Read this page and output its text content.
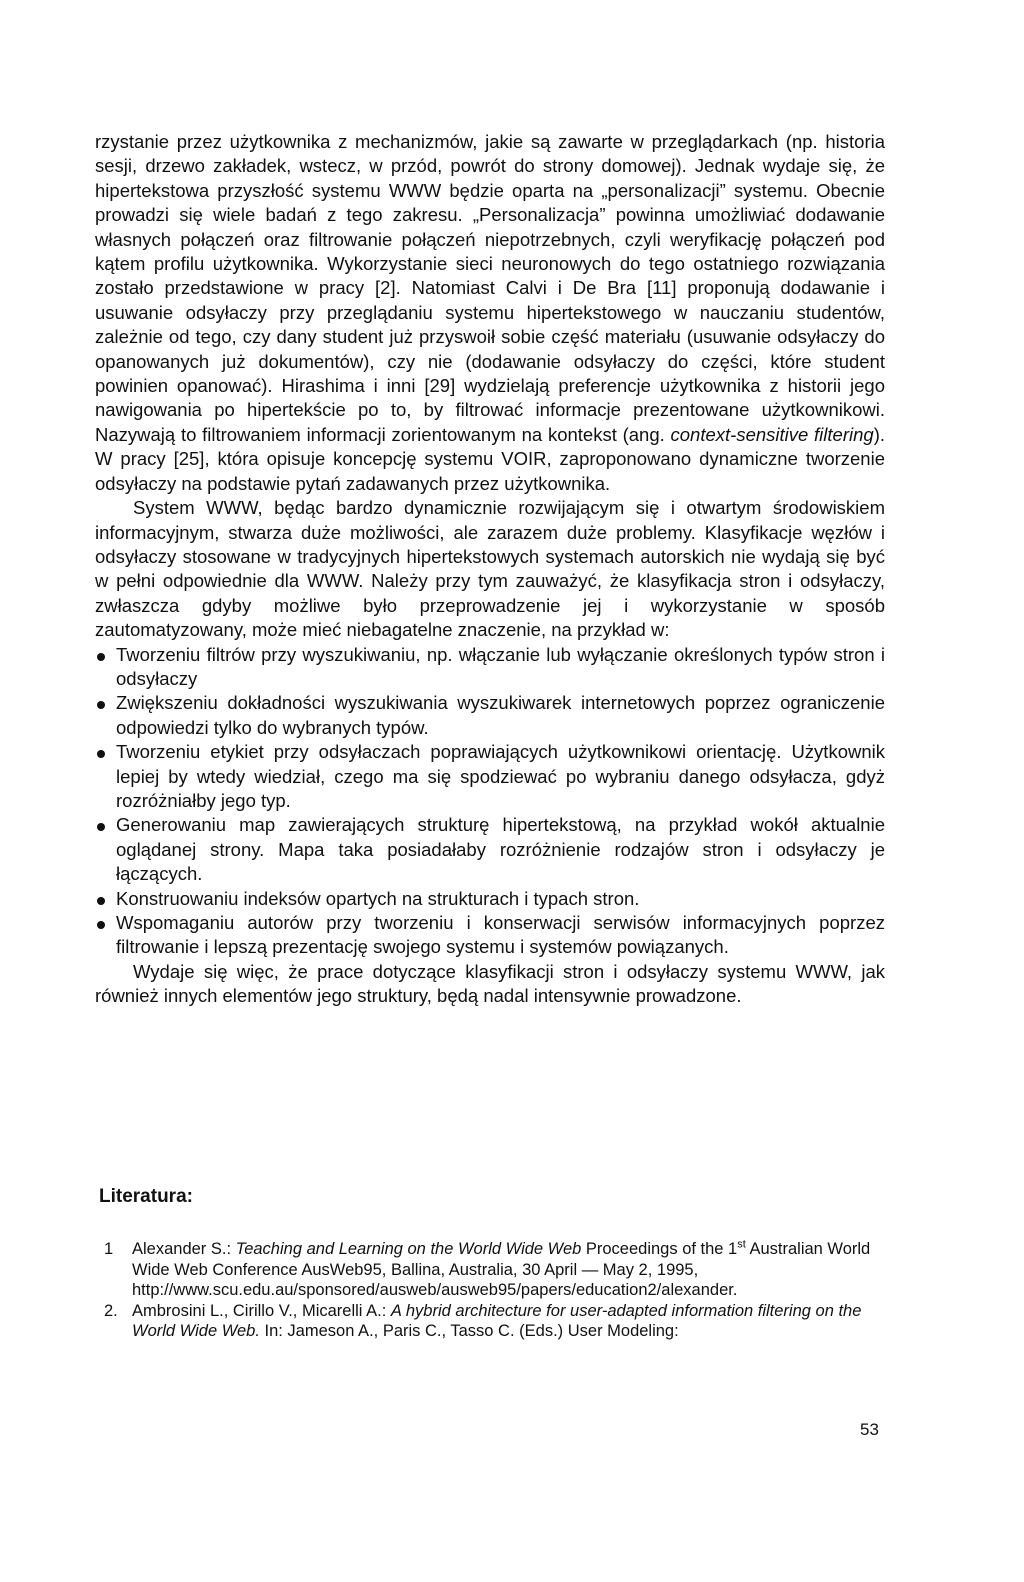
rzystanie przez użytkownika z mechanizmów, jakie są zawarte w przeglądarkach (np. historia sesji, drzewo zakładek, wstecz, w przód, powrót do strony domowej). Jednak wydaje się, że hipertekstowa przyszłość systemu WWW będzie oparta na „personalizacji” systemu. Obecnie prowadzi się wiele badań z tego zakresu. „Personalizacja” powinna umożliwiać dodawanie własnych połączeń oraz filtrowanie połączeń niepotrzebnych, czyli weryfikację połączeń pod kątem profilu użytkownika. Wykorzystanie sieci neuronowych do tego ostatniego rozwiązania zostało przedstawione w pracy [2]. Natomiast Calvi i De Bra [11] proponują dodawanie i usuwanie odsyłaczy przy przeglądaniu systemu hipertekstowego w nauczaniu studentów, zależnie od tego, czy dany student już przyswoił sobie część materiału (usuwanie odsyłaczy do opanowanych już dokumentów), czy nie (dodawanie odsyłaczy do części, które student powinien opanować). Hirashima i inni [29] wydzielają preferencje użytkownika z historii jego nawigowania po hipertekście po to, by filtrować informacje prezentowane użytkownikowi. Nazywają to filtrowaniem informacji zorientowanym na kontekst (ang. context-sensitive filtering). W pracy [25], która opisuje koncepcję systemu VOIR, zaproponowano dynamiczne tworzenie odsyłaczy na podstawie pytań zadawanych przez użytkownika.

System WWW, będąc bardzo dynamicznie rozwijającym się i otwartym środowiskiem informacyjnym, stwarza duże możliwości, ale zarazem duże problemy. Klasyfikacje węzłów i odsyłaczy stosowane w tradycyjnych hipertekstowych systemach autorskich nie wydają się być w pełni odpowiednie dla WWW. Należy przy tym zauważyć, że klasyfikacja stron i odsyłaczy, zwłaszcza gdyby możliwe było przeprowadzenie jej i wykorzystanie w sposób zautomatyzowany, może mieć niebagatelne znaczenie, na przykład w:

Tworzeniu filtrów przy wyszukiwaniu, np. włączanie lub wyłączanie określonych typów stron i odsyłaczy
Zwiększeniu dokładności wyszukiwania wyszukiwarek internetowych poprzez ograniczenie odpowiedzi tylko do wybranych typów.
Tworzeniu etykiet przy odsyłaczach poprawiających użytkownikowi orientację. Użytkownik lepiej by wtedy wiedział, czego ma się spodziewać po wybraniu danego odsyłacza, gdyż rozróżniałby jego typ.
Generowaniu map zawierających strukturę hipertekstową, na przykład wokół aktualnie oglądanej strony. Mapa taka posiadałaby rozróżnienie rodzajów stron i odsyłaczy je łączących.
Konstruowaniu indeksów opartych na strukturach i typach stron.
Wspomaganiu autorów przy tworzeniu i konserwacji serwisów informacyjnych poprzez filtrowanie i lepszą prezentację swojego systemu i systemów powiązanych.

Wydaje się więc, że prace dotyczące klasyfikacji stron i odsyłaczy systemu WWW, jak również innych elementów jego struktury, będą nadal intensywnie prowadzone.

Literatura:
1 Alexander S.: Teaching and Learning on the World Wide Web Proceedings of the 1st Australian World Wide Web Conference AusWeb95, Ballina, Australia, 30 April — May 2, 1995,
http://www.scu.edu.au/sponsored/ausweb/ausweb95/papers/education2/alexander.
2. Ambrosini L., Cirillo V., Micarelli A.: A hybrid architecture for user-adapted information filtering on the World Wide Web. In: Jameson A., Paris C., Tasso C. (Eds.) User Modeling:
53
